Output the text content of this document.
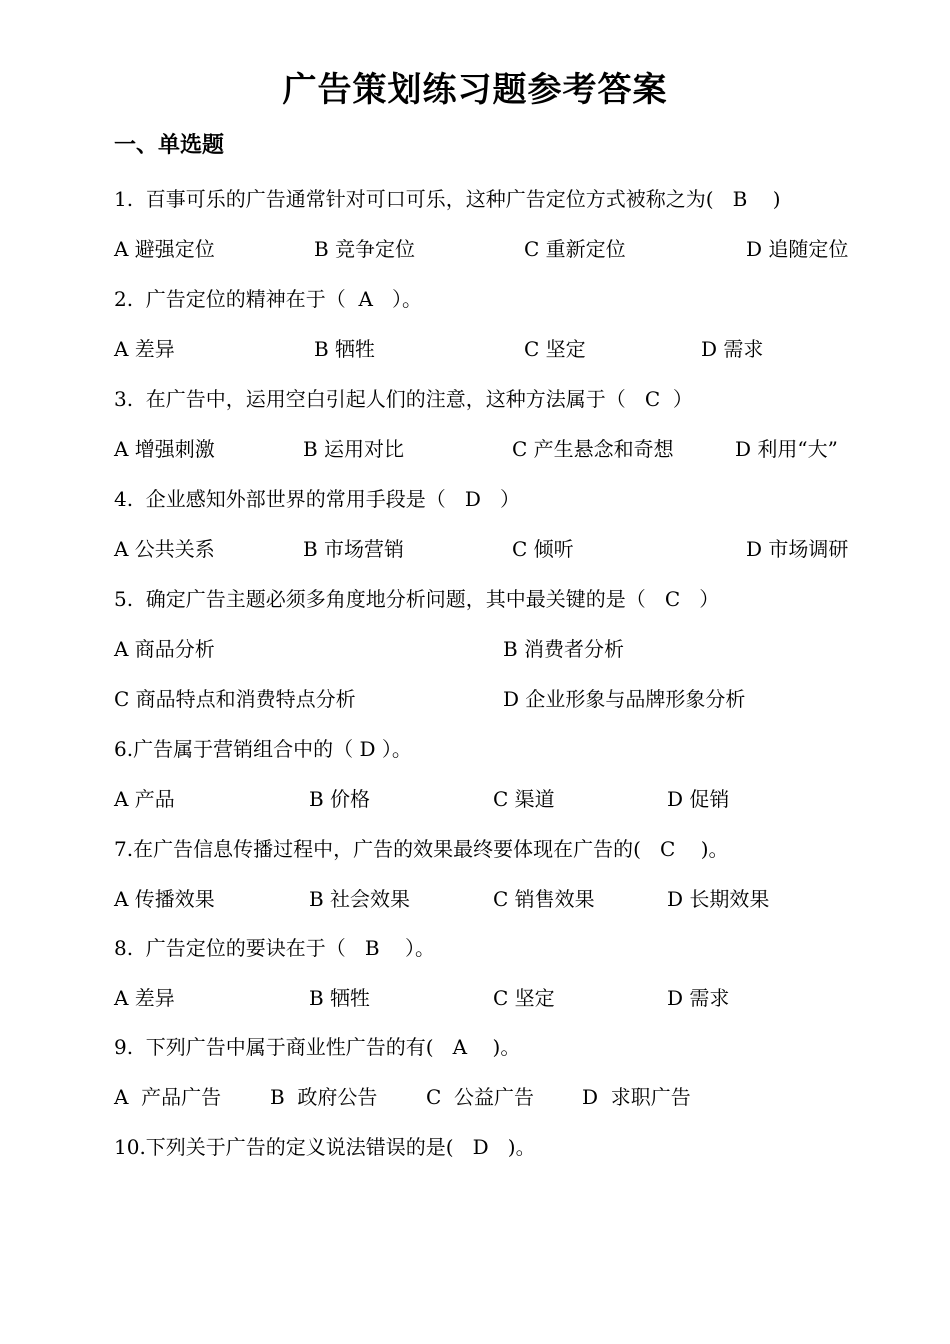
广告策划练习题参考答案
一、单选题
1.  百事可乐的广告通常针对可口可乐，这种广告定位方式被称之为(   B    )
A 避强定位	B 竞争定位	C 重新定位	D 追随定位
2.  广告定位的精神在于（  A   ）。
A 差异	B 牺牲	C 坚定	D 需求
3.  在广告中，运用空白引起人们的注意，这种方法属于（   C  ）
A 增强刺激	B 运用对比	C 产生悬念和奇想	D 利用“大”
4.  企业感知外部世界的常用手段是（   D   ）
A 公共关系	B 市场营销	C 倾听	D 市场调研
5.  确定广告主题必须多角度地分析问题，其中最关键的是（   C   ）
A 商品分析	B 消费者分析
C 商品特点和消费特点分析	D 企业形象与品牌形象分析
6.广告属于营销组合中的（ D ）。
A 产品	B 价格	C 渠道	D 促销
7.在广告信息传播过程中，广告的效果最终要体现在广告的(   C    )。
A 传播效果	B 社会效果	C 销售效果	D 长期效果
8.  广告定位的要诀在于（   B    ）。
A 差异	B 牺牲	C 坚定	D 需求
9.  下列广告中属于商业性广告的有(   A    )。
A  产品广告 B  政府公告 C  公益广告 D  求职广告
10.下列关于广告的定义说法错误的是(   D   )。
